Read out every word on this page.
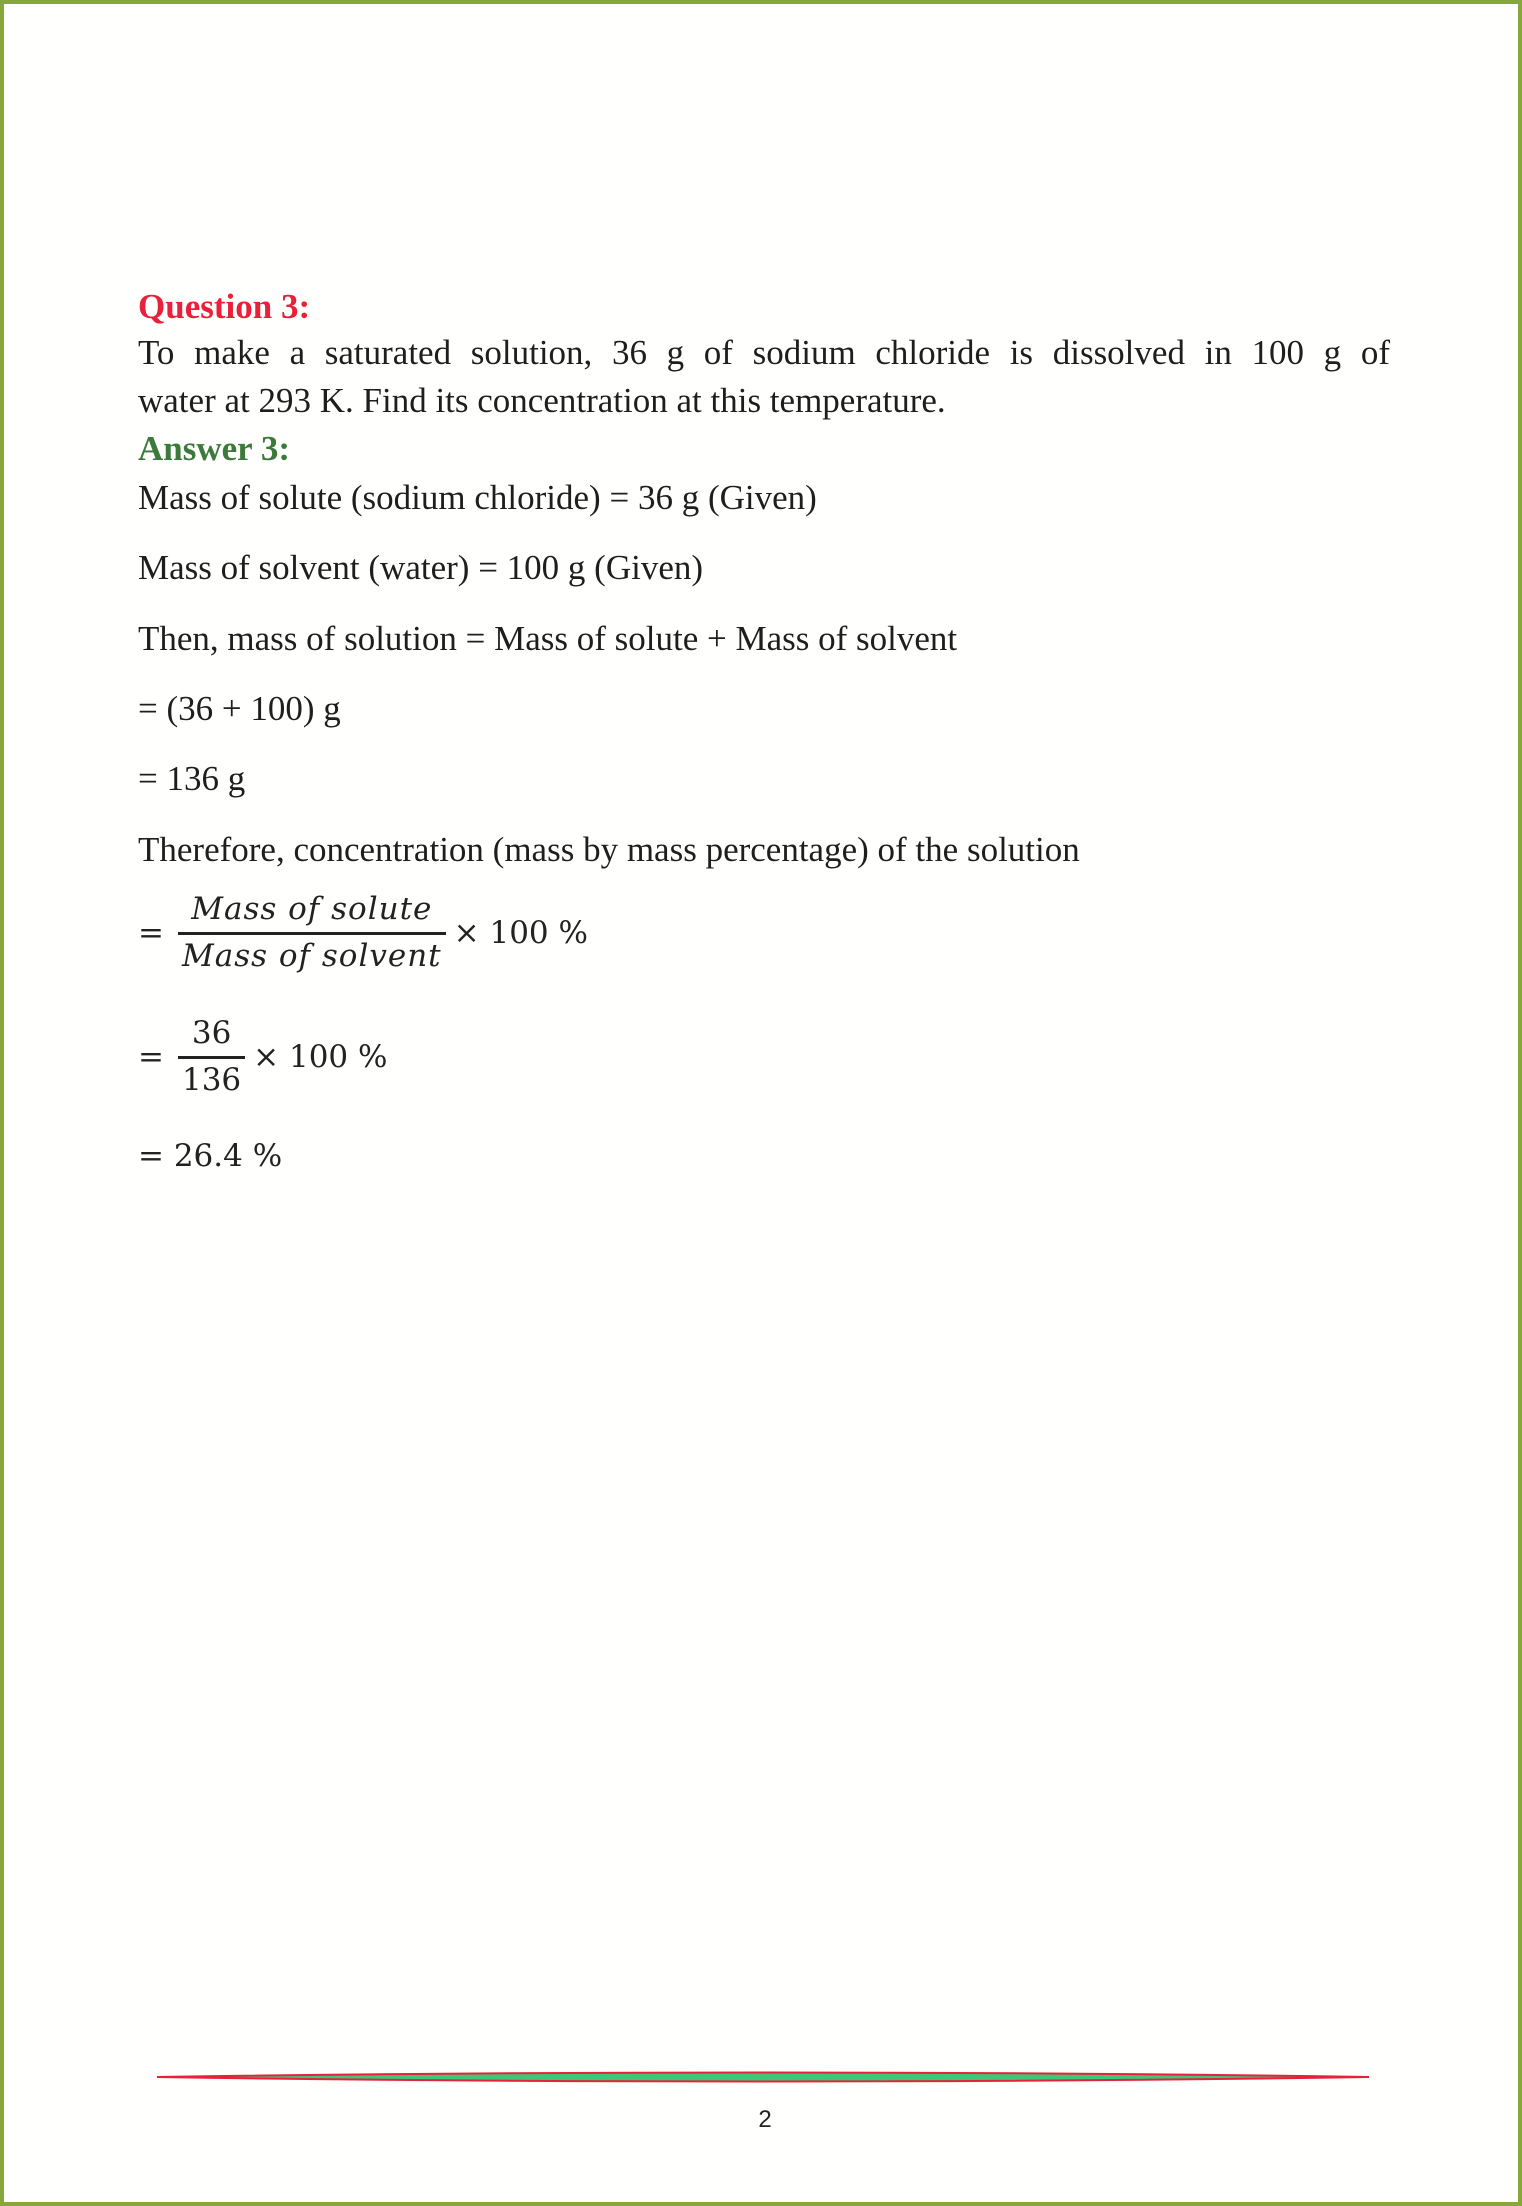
Question 3:

To make a saturated solution, 36 g of sodium chloride is dissolved in 100 g of

water at 293 K. Find its concentration at this temperature.

Answer 3:

Mass of solute (sodium chloride) = 36 g (Given)

Mass of solvent (water) = 100 g (Given)

Then, mass of solution = Mass of solute + Mass of solvent

= (36 + 100) g

= 136 g

Therefore, concentration (mass by mass percentage) of the solution

= $\frac{\text{Mass of solute}}{\text{Mass of solvent}} \times 100$ %
= $\frac{36}{136} \times 100$ %
= 26.4 %
2
